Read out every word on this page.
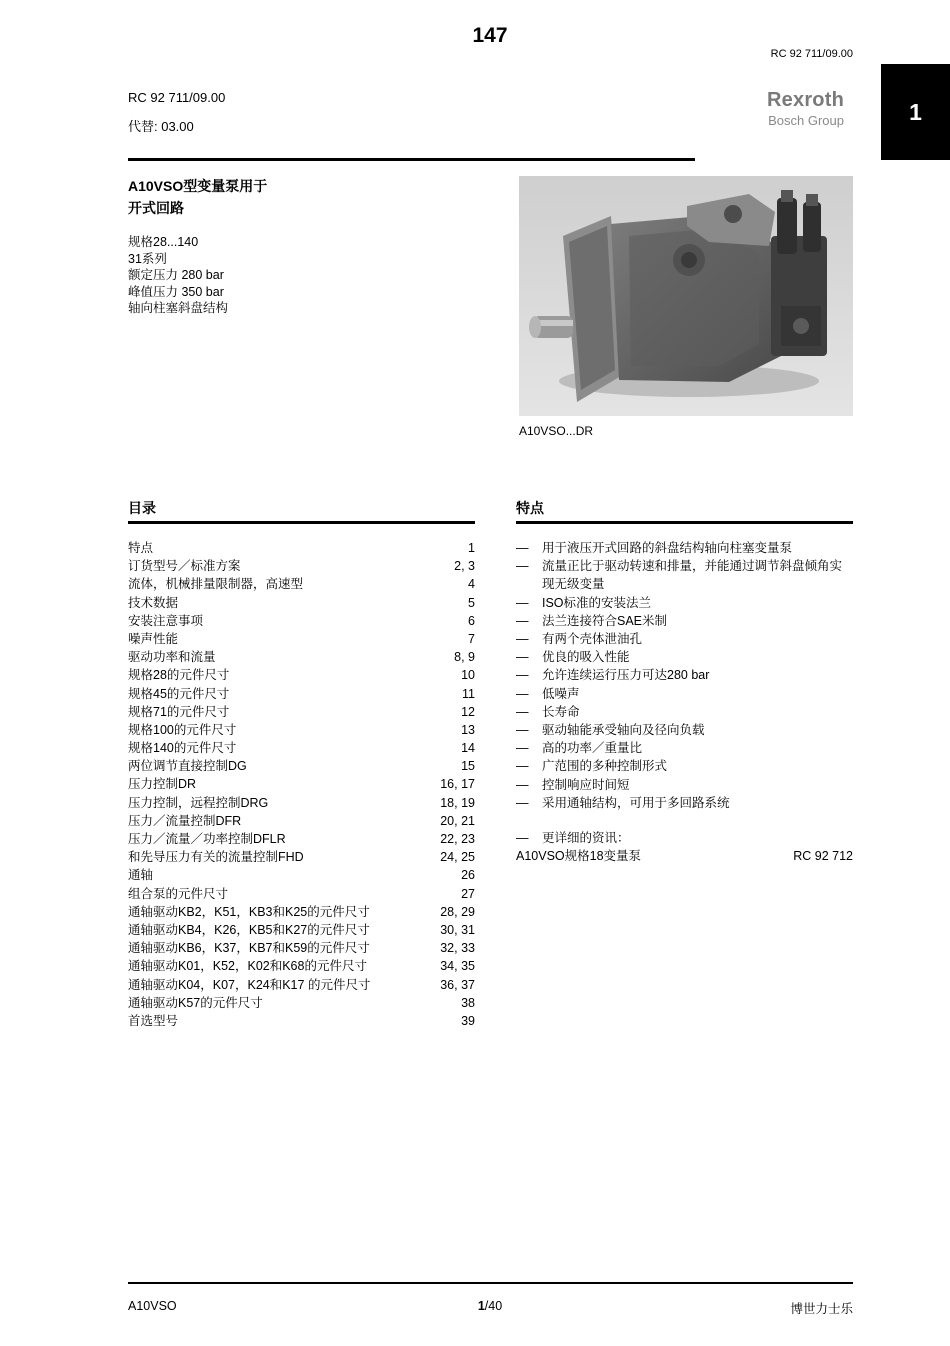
147
RC 92 711/09.00
1
RC 92 711/09.00
代替: 03.00
Rexroth
Bosch Group
A10VSO型变量泵用于
开式回路
规格28...140
31系列
额定压力 280 bar
峰值压力 350 bar
轴向柱塞斜盘结构
A10VSO...DR
目录	特点
特点	1
订货型号／标准方案	2, 3
流体，机械排量限制器，高速型	4
技术数据	5
安装注意事项	6
噪声性能	7
驱动功率和流量	8, 9
规格28的元件尺寸	10
规格45的元件尺寸	11
规格71的元件尺寸	12
规格100的元件尺寸	13
规格140的元件尺寸	14
两位调节直接控制DG	15
压力控制DR	16, 17
压力控制，远程控制DRG	18, 19
压力／流量控制DFR	20, 21
压力／流量／功率控制DFLR	22, 23
和先导压力有关的流量控制FHD	24, 25
通轴	26
组合泵的元件尺寸	27
通轴驱动KB2，K51，KB3和K25的元件尺寸	28, 29
通轴驱动KB4，K26，KB5和K27的元件尺寸	30, 31
通轴驱动KB6，K37，KB7和K59的元件尺寸	32, 33
通轴驱动K01，K52，K02和K68的元件尺寸	34, 35
通轴驱动K04，K07，K24和K17 的元件尺寸	36, 37
通轴驱动K57的元件尺寸	38
首选型号	39
—	用于液压开式回路的斜盘结构轴向柱塞变量泵
—	流量正比于驱动转速和排量，并能通过调节斜盘倾角实现无级变量
—	ISO标准的安装法兰
—	法兰连接符合SAE米制
—	有两个壳体泄油孔
—	优良的吸入性能
—	允许连续运行压力可达280 bar
—	低噪声
—	长寿命
—	驱动轴能承受轴向及径向负载
—	高的功率／重量比
—	广范围的多种控制形式
—	控制响应时间短
—	采用通轴结构，可用于多回路系统
—	更详细的资讯：
A10VSO规格18变量泵	RC 92 712
A10VSO	1/40	博世力士乐
